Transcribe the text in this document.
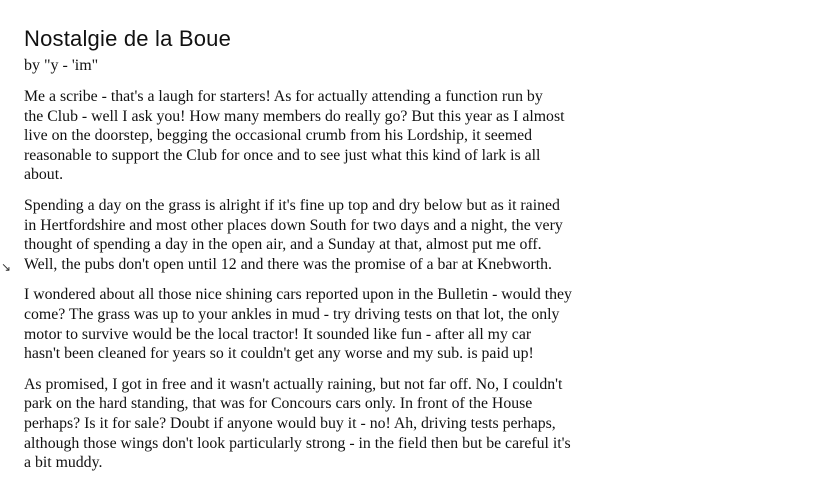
Nostalgie de la Boue
by "y - 'im"
Me a scribe - that's a laugh for starters! As for actually attending a function run by
the Club - well I ask you! How many members do really go? But this year as I almost
live on the doorstep, begging the occasional crumb from his Lordship, it seemed
reasonable to support the Club for once and to see just what this kind of lark is all
about.
Spending a day on the grass is alright if it's fine up top and dry below but as it rained
in Hertfordshire and most other places down South for two days and a night, the very
thought of spending a day in the open air, and a Sunday at that, almost put me off.
Well, the pubs don't open until 12 and there was the promise of a bar at Knebworth.
I wondered about all those nice shining cars reported upon in the Bulletin - would they
come? The grass was up to your ankles in mud - try driving tests on that lot, the only
motor to survive would be the local tractor! It sounded like fun - after all my car
hasn't been cleaned for years so it couldn't get any worse and my sub. is paid up!
As promised, I got in free and it wasn't actually raining, but not far off. No, I couldn't
park on the hard standing, that was for Concours cars only. In front of the House
perhaps? Is it for sale? Doubt if anyone would buy it - no! Ah, driving tests perhaps,
although those wings don't look particularly strong - in the field then but be careful it's
a bit muddy.
↘
